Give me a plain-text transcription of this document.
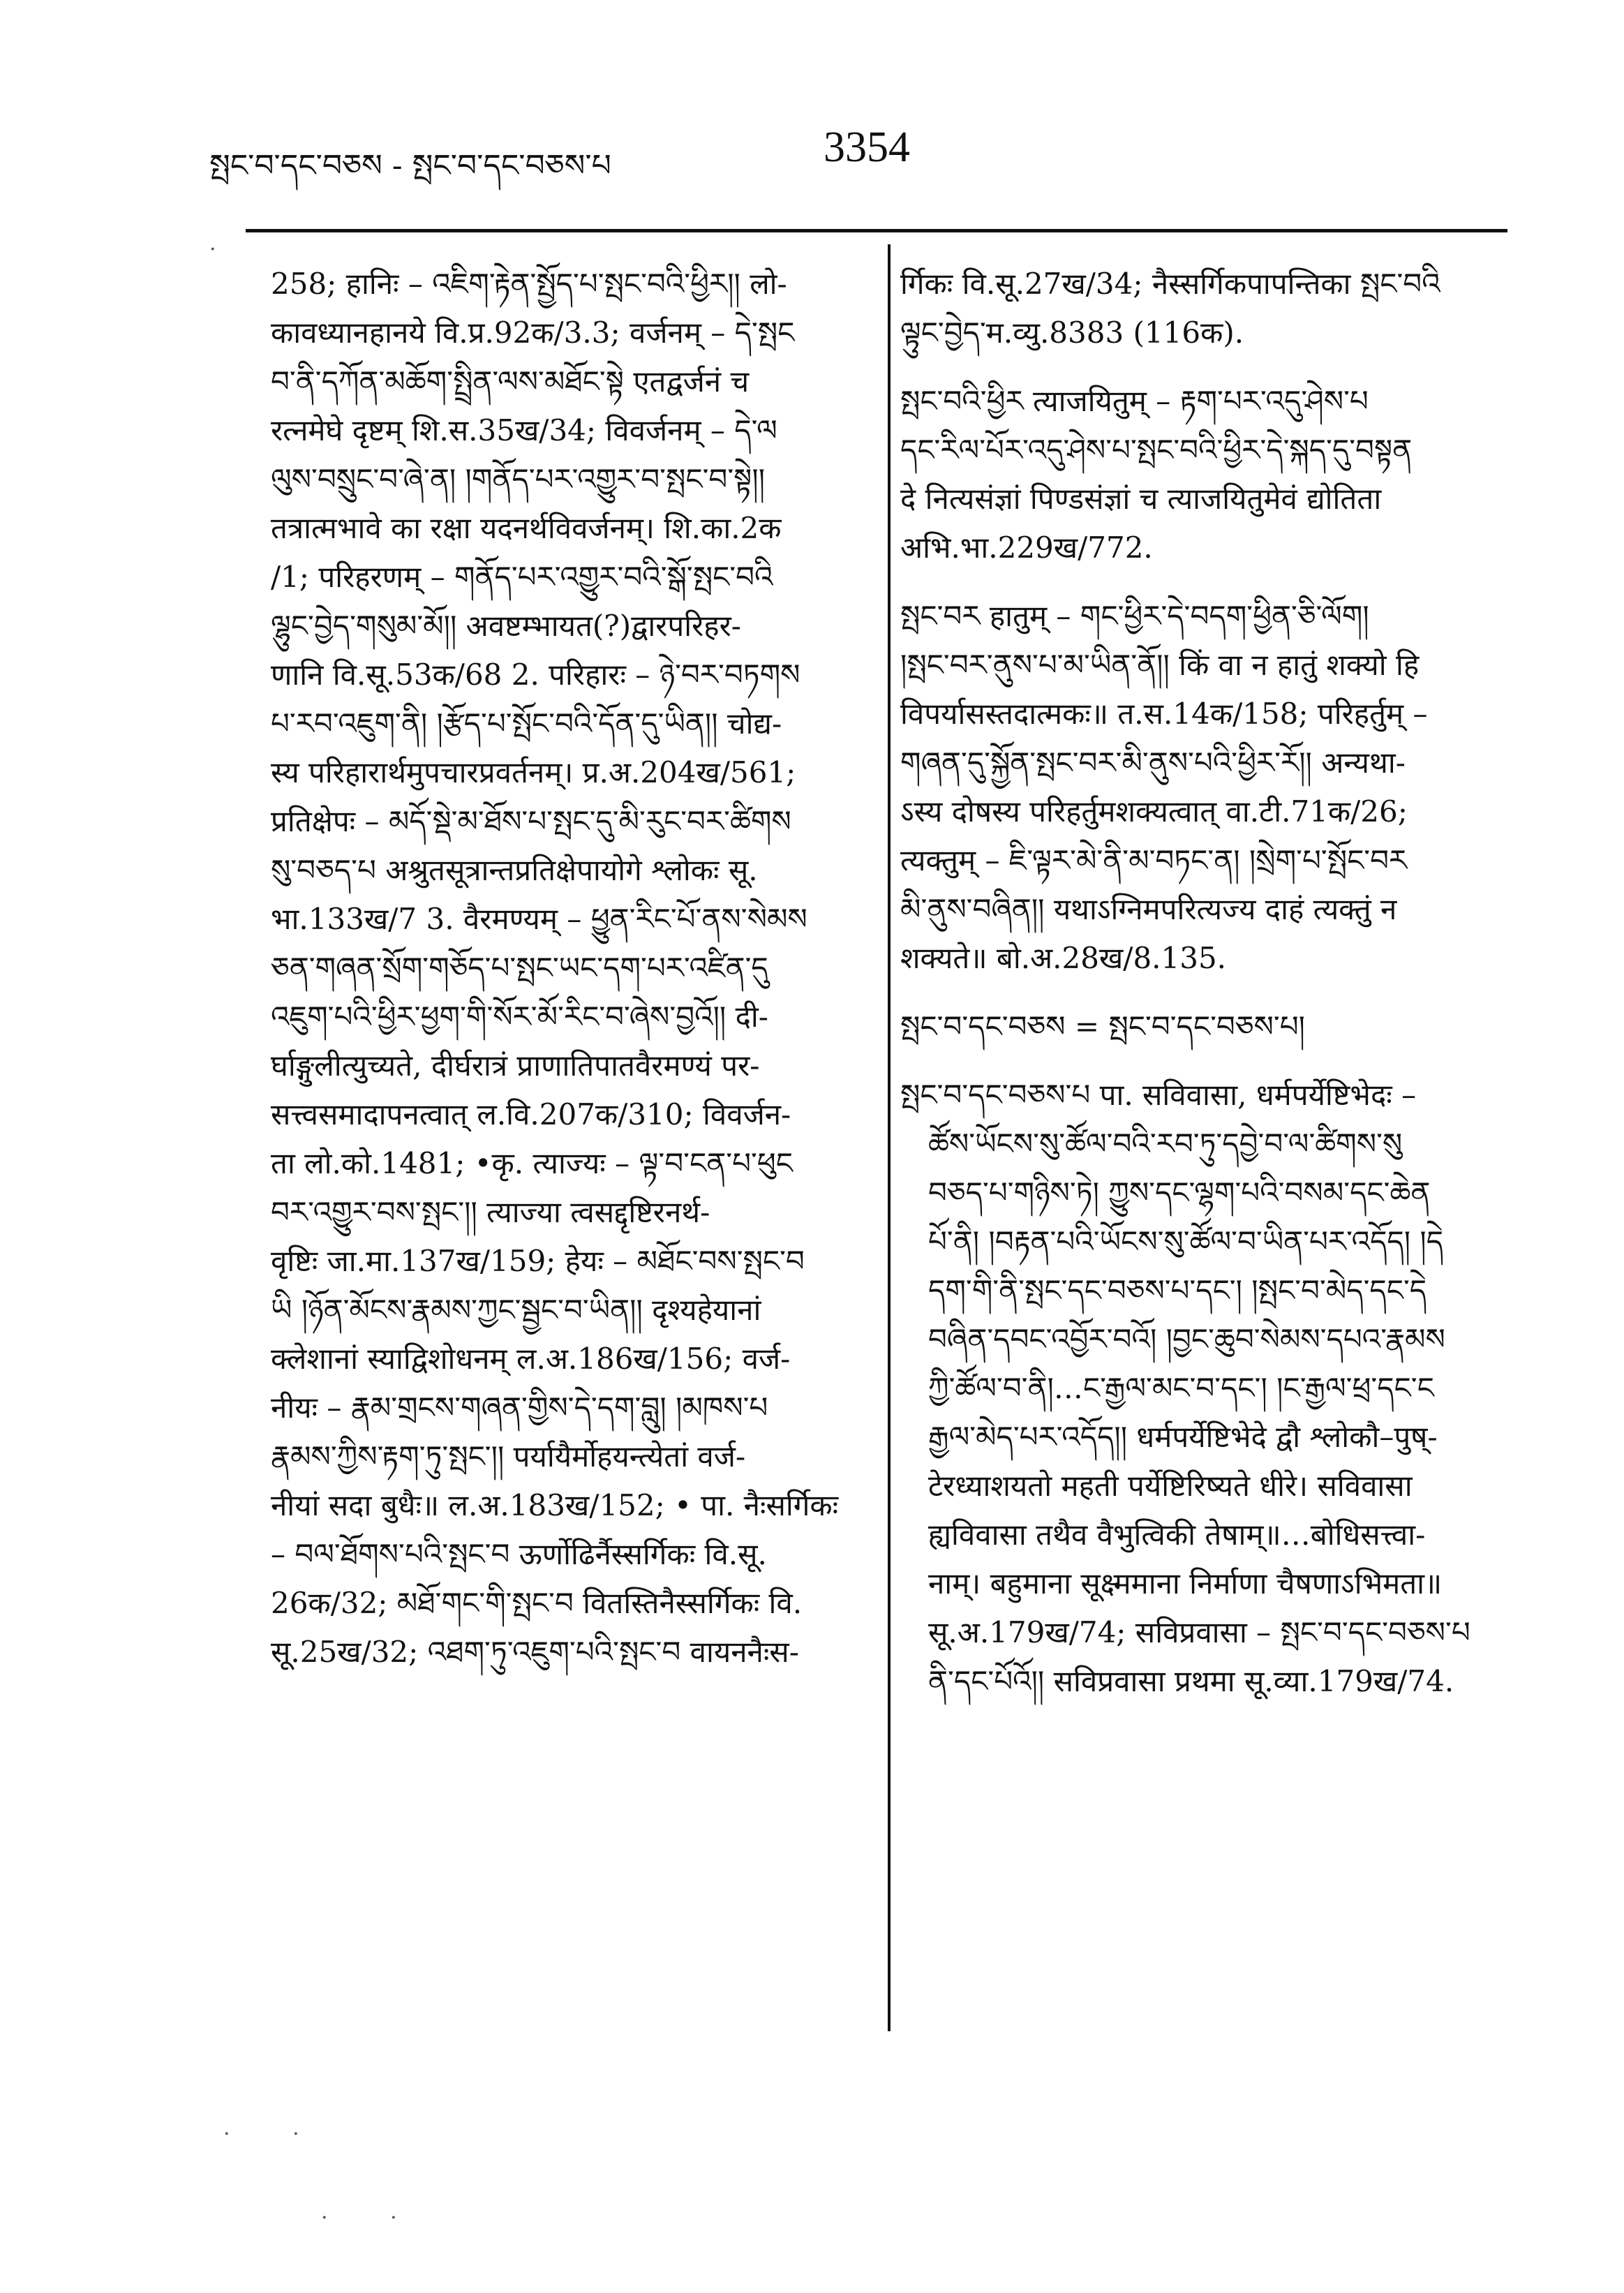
སྤང་བ་དང་བཅས - སྤང་བ་དང་བཅས་པ	3354
258; हानिः – འཇིག་རྟེན་སྤྱོད་པ་སྤང་བའི་ཕྱིར།། लो-
कावध्यानहानये वि.प्र.92क/3.3; वर्जनम् – དེ་སྤང
བ་ནི་དཀོན་མཆོག་སྤྲིན་ལས་མཐོང་སྟེ एतद्वर्जनं च
रत्नमेघे दृष्टम् शि.स.35ख/34; विवर्जनम् – དེ་ལ
ལུས་བསྲུང་བ་ཞེ་ན། །གནོད་པར་འགྱུར་བ་སྤང་བ་སྟེ།།
तत्रात्मभावे का रक्षा यदनर्थविवर्जनम्। शि.का.2क
/1; परिहरणम् – གནོད་པར་འགྱུར་བའི་སྒོ་སྤང་བའི
ལྷུང་བྱེད་གསུམ་མོ།། अवष्टम्भायत(?)द्वारपरिहर-
णानि वि.सू.53क/68 2. परिहारः – ཉེ་བར་བཏགས
པ་རབ་འཇུག་ནི། །རྩོད་པ་སྤོང་བའི་དོན་དུ་ཡིན།། चोद्य-
स्य परिहारार्थमुपचारप्रवर्तनम्। प्र.अ.204ख/561;
प्रतिक्षेपः – མདོ་སྡེ་མ་ཐོས་པ་སྤང་དུ་མི་རུང་བར་ཚིགས
སུ་བཅད་པ अश्रुतसूत्रान्तप्रतिक्षेपायोगे श्लोकः सू.
भा.133ख/7 3. वैरमण्यम् – ཕྱུན་རིང་པོ་ནས་སེམས
ཅན་གཞན་སྲོག་གཅོད་པ་སྤང་ཡང་དག་པར་འཛིན་དུ
འཇུག་པའི་ཕྱིར་ཕྱག་གི་སོར་མོ་རིང་བ་ཞེས་བྱའོ།། दी-
र्घाङ्गुलीत्युच्यते, दीर्घरात्रं प्राणातिपातवैरमण्यं पर-
सत्त्वसमादापनत्वात् ल.वि.207क/310; विवर्जन-
ता लो.को.1481; •कृ. त्याज्यः – ལྟ་བ་ངན་པ་ཕུང
བར་འགྱུར་བས་སྤང་།། त्याज्या त्वसद्दृष्टिरनर्थ-
वृष्टिः जा.मा.137ख/159; हेयः – མཐོང་བས་སྤང་བ
ཡི །ཉོན་མོངས་རྣམས་ཀྱང་སྦྱང་བ་ཡིན།། दृश्यहेयानां
क्लेशानां स्याद्विशोधनम् ल.अ.186ख/156; वर्ज-
नीयः – རྣམ་གྲངས་གཞན་གྱིས་དེ་དག་བླུ། །མཁས་པ
རྣམས་ཀྱིས་རྟག་ཏུ་སྤང་།། पर्यायैर्मोहयन्त्येतां वर्ज-
नीयां सदा बुधैः॥ ल.अ.183ख/152; • पा. नैःसर्गिकः
– བལ་ཐོགས་པའི་སྤང་བ ऊर्णोढिर्नैस्सर्गिकः वि.सू.
26क/32; མཐོ་གང་གི་སྤང་བ वितस्तिनैस्सर्गिकः वि.
सू.25ख/32; འཐག་ཏུ་འཇུག་པའི་སྤང་བ वायननैःस-
र्गिकः वि.सू.27ख/34; नैस्सर्गिकपापन्तिका སྤང་བའི
ལྟུང་བྱེད་म.व्यु.8383 (116क).
སྤང་བའི་ཕྱིར त्याजयितुम् – རྟག་པར་འདུ་ཤེས་པ
དང་རིལ་པོར་འདུ་ཤེས་པ་སྤང་བའི་ཕྱིར་དེ་སྐད་དུ་བསྟན
दे नित्यसंज्ञां पिण्डसंज्ञां च त्याजयितुमेवं द्योतिता
अभि.भा.229ख/772.
སྤང་བར हातुम् – གང་ཕྱིར་དེ་བདག་ཕྱིན་ཅི་ལོག།
།སྤང་བར་ནུས་པ་མ་ཡིན་ནོ།། किं वा न हातुं शक्यो हि
विपर्यासस्तदात्मकः॥ त.स.14क/158; परिहर्तुम् –
གཞན་དུ་སྐྱོན་སྤང་བར་མི་ནུས་པའི་ཕྱིར་རོ།། अन्यथा-
ऽस्य दोषस्य परिहर्तुमशक्यत्वात् वा.टी.71क/26;
त्यक्तुम् – ཇི་ལྟར་མེ་ནི་མ་བཏང་ན། །སྲེག་པ་སྤོང་བར
མི་ནུས་བཞིན།། यथाऽग्निमपरित्यज्य दाहं त्यक्तुं न
शक्यते॥ बो.अ.28ख/8.135.
སྤང་བ་དང་བཅས = སྤང་བ་དང་བཅས་པ།
སྤང་བ་དང་བཅས་པ पा. सविवासा, धर्मपर्येष्टिभेदः –
ཚོས་ཡོངས་སུ་ཚོལ་བའི་རབ་ཏུ་དབྱེ་བ་ལ་ཚིགས་སུ
བཅད་པ་གཉིས་ཏེ། ཀྱུས་དང་ལྷག་པའི་བསམ་དང་ཆེན
པོ་ནི། །བརྟན་པའི་ཡོངས་སུ་ཚོལ་བ་ཡིན་པར་འདོད། །དེ
དག་གི་ནི་སྤང་དང་བཅས་པ་དང་། །སྤང་བ་མེད་དང་དེ
བཞིན་དབང་འབྱོར་བའོ། །བྱང་ཆུབ་སེམས་དཔའ་རྣམས
ཀྱི་ཚོལ་བ་ནི།…ང་རྒྱལ་མང་བ་དང་། །ང་རྒྱལ་ཕྲ་དང་ང
རྒྱལ་མེད་པར་འདོད།། धर्मपर्येष्टिभेदे द्वौ श्लोकौ–पुष्-
टेरध्याशयतो महती पर्येष्टिरिष्यते धीरे। सविवासा
ह्यविवासा तथैव वैभुत्विकी तेषाम्॥…बोधिसत्त्वा-
नाम्। बहुमाना सूक्ष्ममाना निर्माणा चैषणाऽभिमता॥
सू.अ.179ख/74; सविप्रवासा – སྤང་བ་དང་བཅས་པ
ནི་དང་པོའོ།། सविप्रवासा प्रथमा सू.व्या.179ख/74.
·
· ·
· ·
